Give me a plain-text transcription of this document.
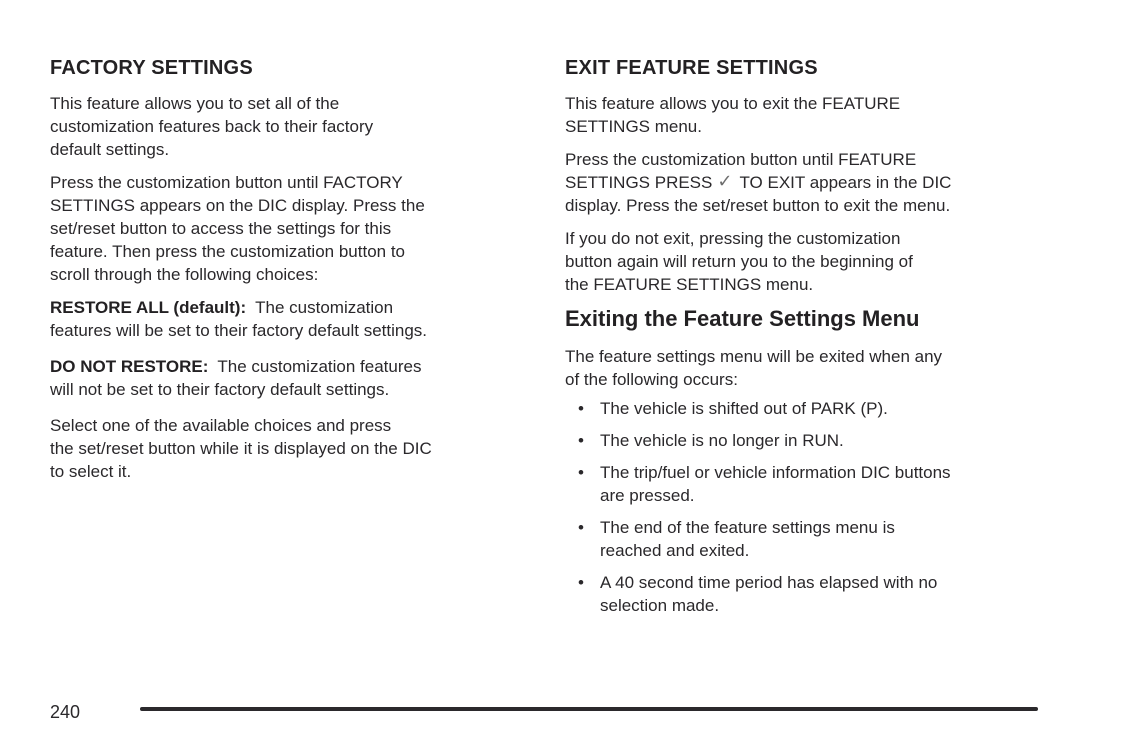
FACTORY SETTINGS
This feature allows you to set all of the
customization features back to their factory
default settings.
Press the customization button until FACTORY
SETTINGS appears on the DIC display. Press the
set/reset button to access the settings for this
feature. Then press the customization button to
scroll through the following choices:
RESTORE ALL (default): The customization
features will be set to their factory default settings.
DO NOT RESTORE: The customization features
will not be set to their factory default settings.
Select one of the available choices and press
the set/reset button while it is displayed on the DIC
to select it.
EXIT FEATURE SETTINGS
This feature allows you to exit the FEATURE
SETTINGS menu.
Press the customization button until FEATURE
SETTINGS PRESS ✓ TO EXIT appears in the DIC
display. Press the set/reset button to exit the menu.
If you do not exit, pressing the customization
button again will return you to the beginning of
the FEATURE SETTINGS menu.
Exiting the Feature Settings Menu
The feature settings menu will be exited when any
of the following occurs:
• The vehicle is shifted out of PARK (P).
• The vehicle is no longer in RUN.
• The trip/fuel or vehicle information DIC buttons
are pressed.
• The end of the feature settings menu is
reached and exited.
• A 40 second time period has elapsed with no
selection made.
240
